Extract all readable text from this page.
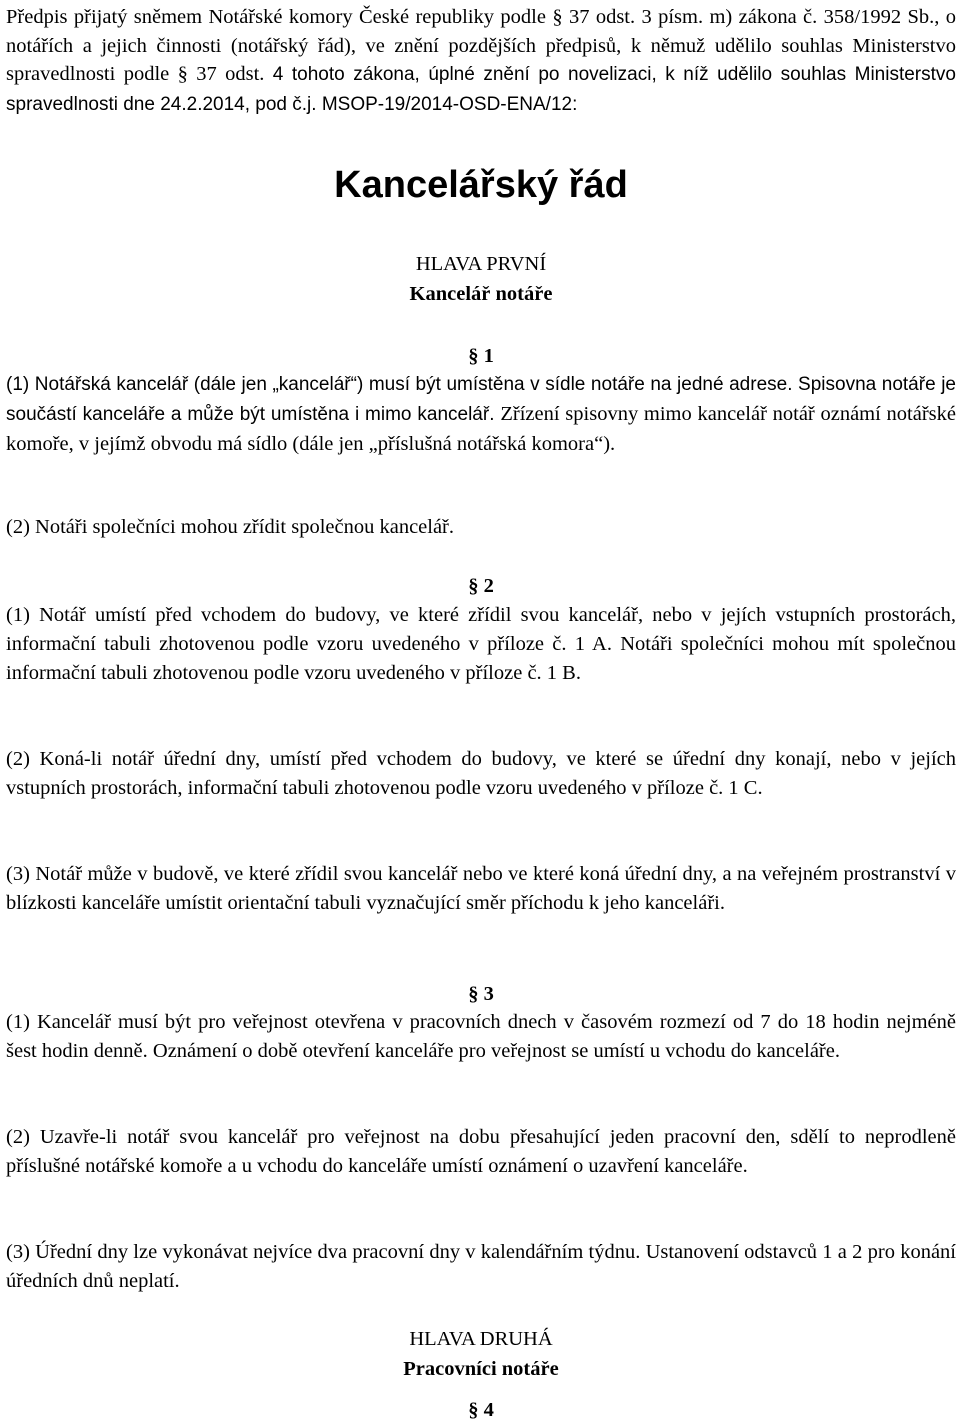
Předpis přijatý sněmem Notářské komory České republiky podle § 37 odst. 3 písm. m) zákona č. 358/1992 Sb., o notářích a jejich činnosti (notářský řád), ve znění pozdějších předpisů, k němuž udělilo souhlas Ministerstvo spravedlnosti podle § 37 odst. 4 tohoto zákona, úplné znění po novelizaci, k níž udělilo souhlas Ministerstvo spravedlnosti dne 24.2.2014, pod č.j. MSOP-19/2014-OSD-ENA/12:

Kancelářský řád
HLAVA PRVNÍ
Kancelář notáře
§ 1

(1) Notářská kancelář (dále jen „kancelář“) musí být umístěna v sídle notáře na jedné adrese. Spisovna notáře je součástí kanceláře a může být umístěna i mimo kancelář. Zřízení spisovny mimo kancelář notář oznámí notářské komoře, v jejímž obvodu má sídlo (dále jen „příslušná notářská komora“).

(2) Notáři společníci mohou zřídit společnou kancelář.

§ 2

(1) Notář umístí před vchodem do budovy, ve které zřídil svou kancelář, nebo v jejích vstupních prostorách, informační tabuli zhotovenou podle vzoru uvedeného v příloze č. 1 A. Notáři společníci mohou mít společnou informační tabuli zhotovenou podle vzoru uvedeného v příloze č. 1 B.

(2) Koná-li notář úřední dny, umístí před vchodem do budovy, ve které se úřední dny konají, nebo v jejích vstupních prostorách, informační tabuli zhotovenou podle vzoru uvedeného v příloze č. 1 C.

(3) Notář může v budově, ve které zřídil svou kancelář nebo ve které koná úřední dny, a na veřejném prostranství v blízkosti kanceláře umístit orientační tabuli vyznačující směr příchodu k jeho kanceláři.

§ 3

(1) Kancelář musí být pro veřejnost otevřena v pracovních dnech v časovém rozmezí od 7 do 18 hodin nejméně šest hodin denně. Oznámení o době otevření kanceláře pro veřejnost se umístí u vchodu do kanceláře.

(2) Uzavře-li notář svou kancelář pro veřejnost na dobu přesahující jeden pracovní den, sdělí to neprodleně příslušné notářské komoře a u vchodu do kanceláře umístí oznámení o uzavření kanceláře.

(3) Úřední dny lze vykonávat nejvíce dva pracovní dny v kalendářním týdnu. Ustanovení odstavců 1 a 2 pro konání úředních dnů neplatí.

HLAVA DRUHÁ
Pracovníci notáře
§ 4
